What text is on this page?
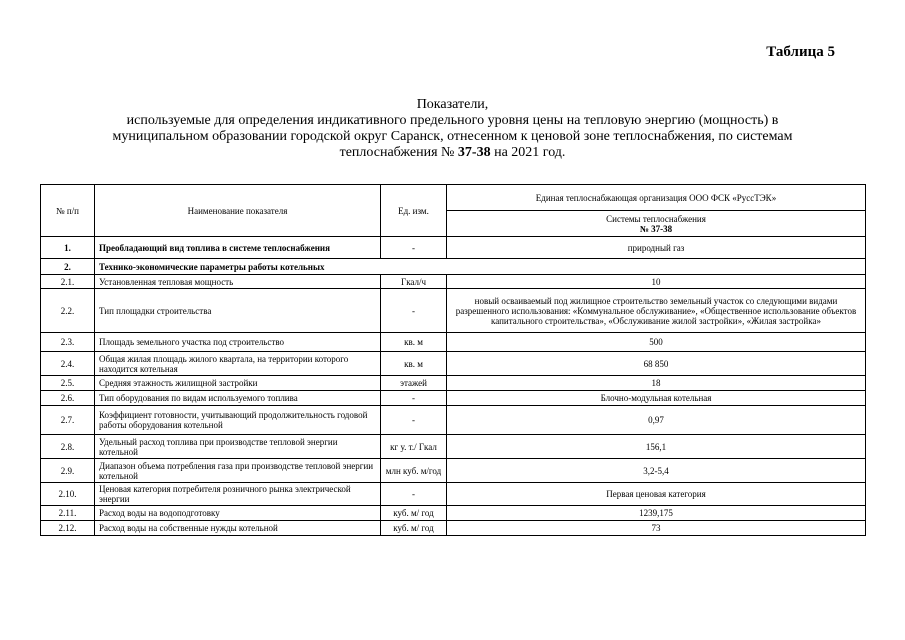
Таблица 5
Показатели,
используемые для определения индикативного предельного уровня цены на тепловую энергию (мощность) в
муниципальном образовании городской округ Саранск, отнесенном к ценовой зоне теплоснабжения, по системам
теплоснабжения № 37-38 на 2021 год.
№ п/п	Наименование показателя	Ед. изм.	Единая теплоснабжающая организация ООО ФСК «РуссТЭК»
			Системы теплоснабжения
№ 37-38
1.	Преобладающий вид топлива в системе теплоснабжения	-	природный газ
2.	Технико-экономические параметры работы котельных		
2.1.	Установленная тепловая мощность	Гкал/ч	10
2.2.	Тип площадки строительства	-	новый осваиваемый под жилищное строительство земельный участок со следующими видами разрешенного использования: «Коммунальное обслуживание», «Общественное использование объектов капитального строительства», «Обслуживание жилой застройки», «Жилая застройка»
2.3.	Площадь земельного участка под строительство	кв. м	500
2.4.	Общая жилая площадь жилого квартала, на территории которого находится котельная	кв. м	68 850
2.5.	Средняя этажность жилищной застройки	этажей	18
2.6.	Тип оборудования по видам используемого топлива	-	Блочно-модульная котельная
2.7.	Коэффициент готовности, учитывающий продолжительность годовой работы оборудования котельной	-	0,97
2.8.	Удельный расход топлива при производстве тепловой энергии котельной	кг у. т./ Гкал	156,1
2.9.	Диапазон объема потребления газа при производстве тепловой энергии котельной	млн куб. м/год	3,2-5,4
2.10.	Ценовая категория потребителя розничного рынка электрической энергии	-	Первая ценовая категория
2.11.	Расход воды на водоподготовку	куб. м/ год	1239,175
2.12.	Расход воды на собственные нужды котельной	куб. м/ год	73
